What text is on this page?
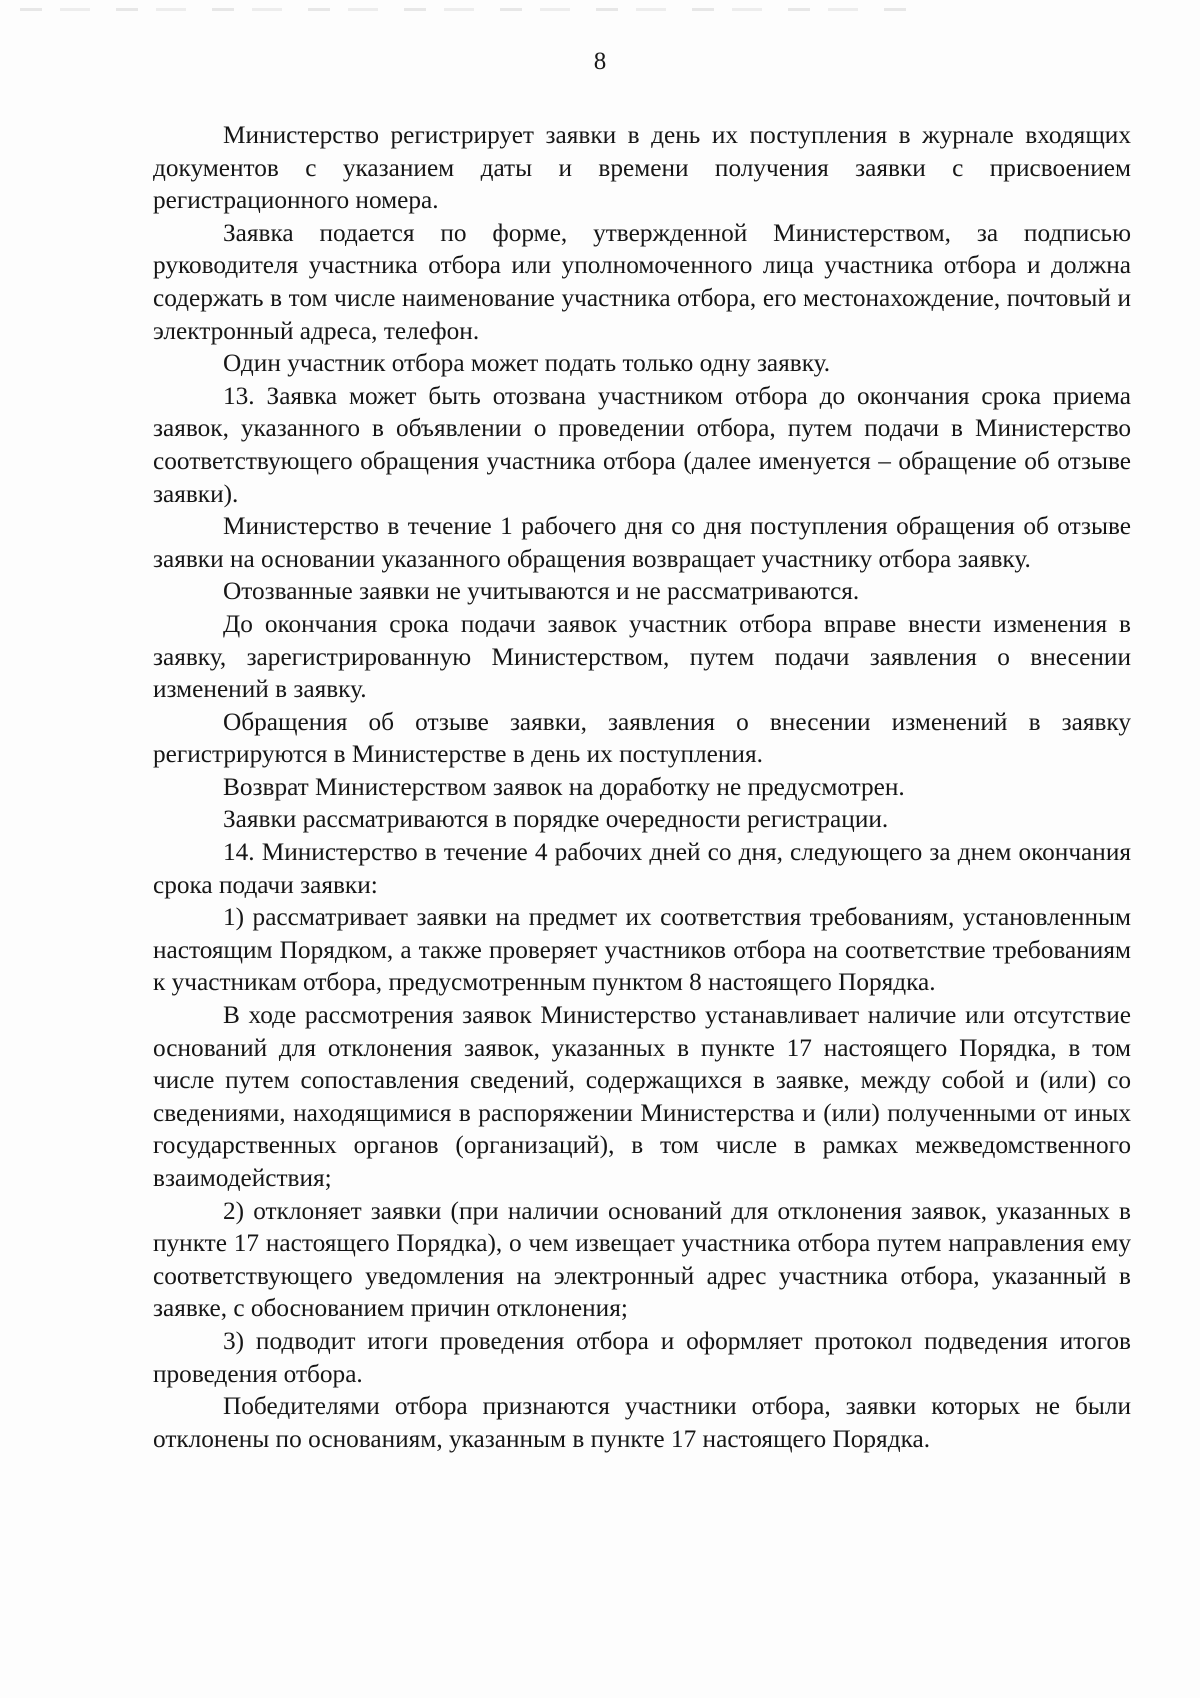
8

Министерство регистрирует заявки в день их поступления в журнале входящих документов с указанием даты и времени получения заявки с присвоением регистрационного номера.

Заявка подается по форме, утвержденной Министерством, за подписью руководителя участника отбора или уполномоченного лица участника отбора и должна содержать в том числе наименование участника отбора, его местонахождение, почтовый и электронный адреса, телефон.

Один участник отбора может подать только одну заявку.

13. Заявка может быть отозвана участником отбора до окончания срока приема заявок, указанного в объявлении о проведении отбора, путем подачи в Министерство соответствующего обращения участника отбора (далее именуется – обращение об отзыве заявки).

Министерство в течение 1 рабочего дня со дня поступления обращения об отзыве заявки на основании указанного обращения возвращает участнику отбора заявку.

Отозванные заявки не учитываются и не рассматриваются.

До окончания срока подачи заявок участник отбора вправе внести изменения в заявку, зарегистрированную Министерством, путем подачи заявления о внесении изменений в заявку.

Обращения об отзыве заявки, заявления о внесении изменений в заявку регистрируются в Министерстве в день их поступления.

Возврат Министерством заявок на доработку не предусмотрен.

Заявки рассматриваются в порядке очередности регистрации.

14. Министерство в течение 4 рабочих дней со дня, следующего за днем окончания срока подачи заявки:

1) рассматривает заявки на предмет их соответствия требованиям, установленным настоящим Порядком, а также проверяет участников отбора на соответствие требованиям к участникам отбора, предусмотренным пунктом 8 настоящего Порядка.

В ходе рассмотрения заявок Министерство устанавливает наличие или отсутствие оснований для отклонения заявок, указанных в пункте 17 настоящего Порядка, в том числе путем сопоставления сведений, содержащихся в заявке, между собой и (или) со сведениями, находящимися в распоряжении Министерства и (или) полученными от иных государственных органов (организаций), в том числе в рамках межведомственного взаимодействия;

2) отклоняет заявки (при наличии оснований для отклонения заявок, указанных в пункте 17 настоящего Порядка), о чем извещает участника отбора путем направления ему соответствующего уведомления на электронный адрес участника отбора, указанный в заявке, с обоснованием причин отклонения;

3) подводит итоги проведения отбора и оформляет протокол подведения итогов проведения отбора.

Победителями отбора признаются участники отбора, заявки которых не были отклонены по основаниям, указанным в пункте 17 настоящего Порядка.
